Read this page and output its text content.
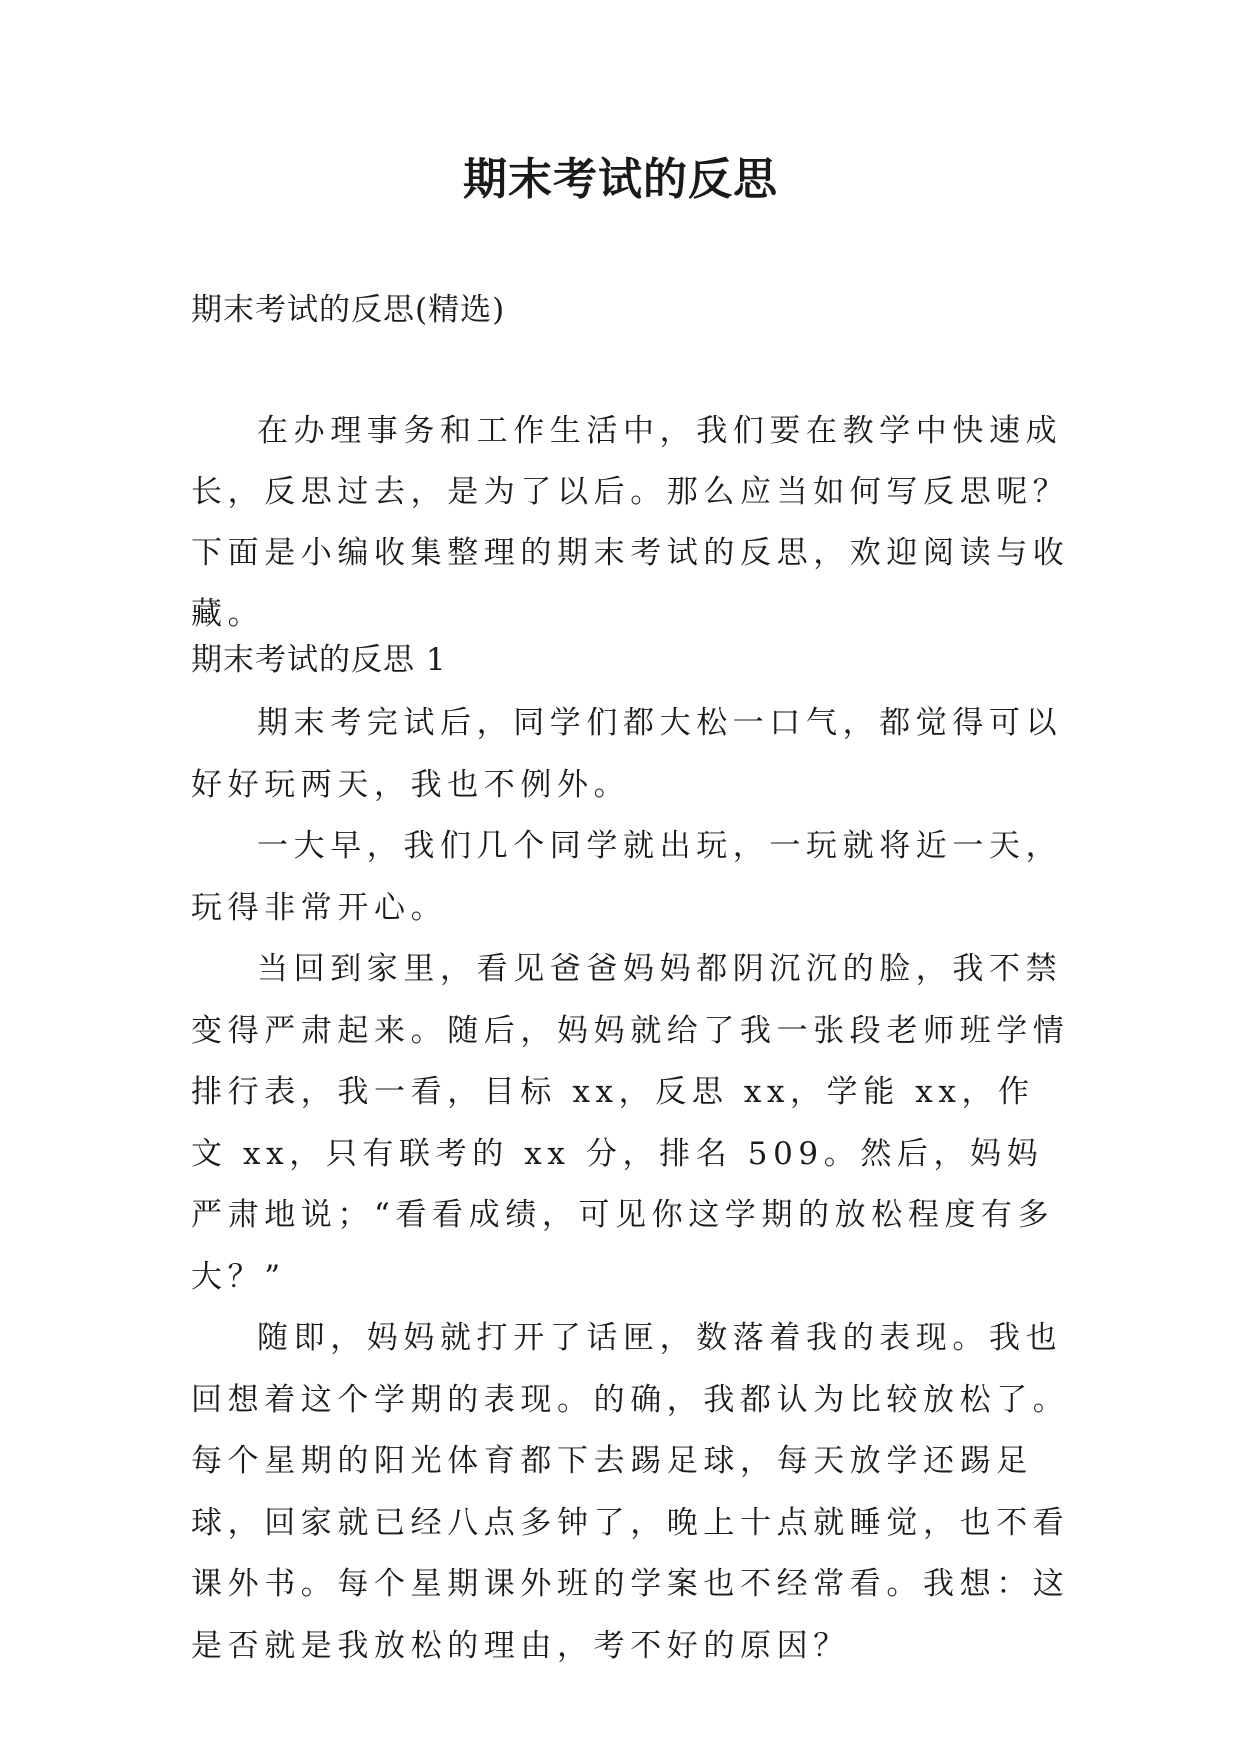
期末考试的反思

期末考试的反思(精选)

在办理事务和工作生活中，我们要在教学中快速成长，反思过去，是为了以后。那么应当如何写反思呢？下面是小编收集整理的期末考试的反思，欢迎阅读与收藏。

期末考试的反思 1

期末考完试后，同学们都大松一口气，都觉得可以好好玩两天，我也不例外。

一大早，我们几个同学就出玩，一玩就将近一天，玩得非常开心。

当回到家里，看见爸爸妈妈都阴沉沉的脸，我不禁变得严肃起来。随后，妈妈就给了我一张段老师班学情排行表，我一看，目标 xx，反思 xx，学能 xx，作文 xx，只有联考的 xx 分，排名 509。然后，妈妈严肃地说；“看看成绩，可见你这学期的放松程度有多大？”

随即，妈妈就打开了话匣，数落着我的表现。我也回想着这个学期的表现。的确，我都认为比较放松了。每个星期的阳光体育都下去踢足球，每天放学还踢足球，回家就已经八点多钟了，晚上十点就睡觉，也不看课外书。每个星期课外班的学案也不经常看。我想：这是否就是我放松的理由，考不好的原因？
